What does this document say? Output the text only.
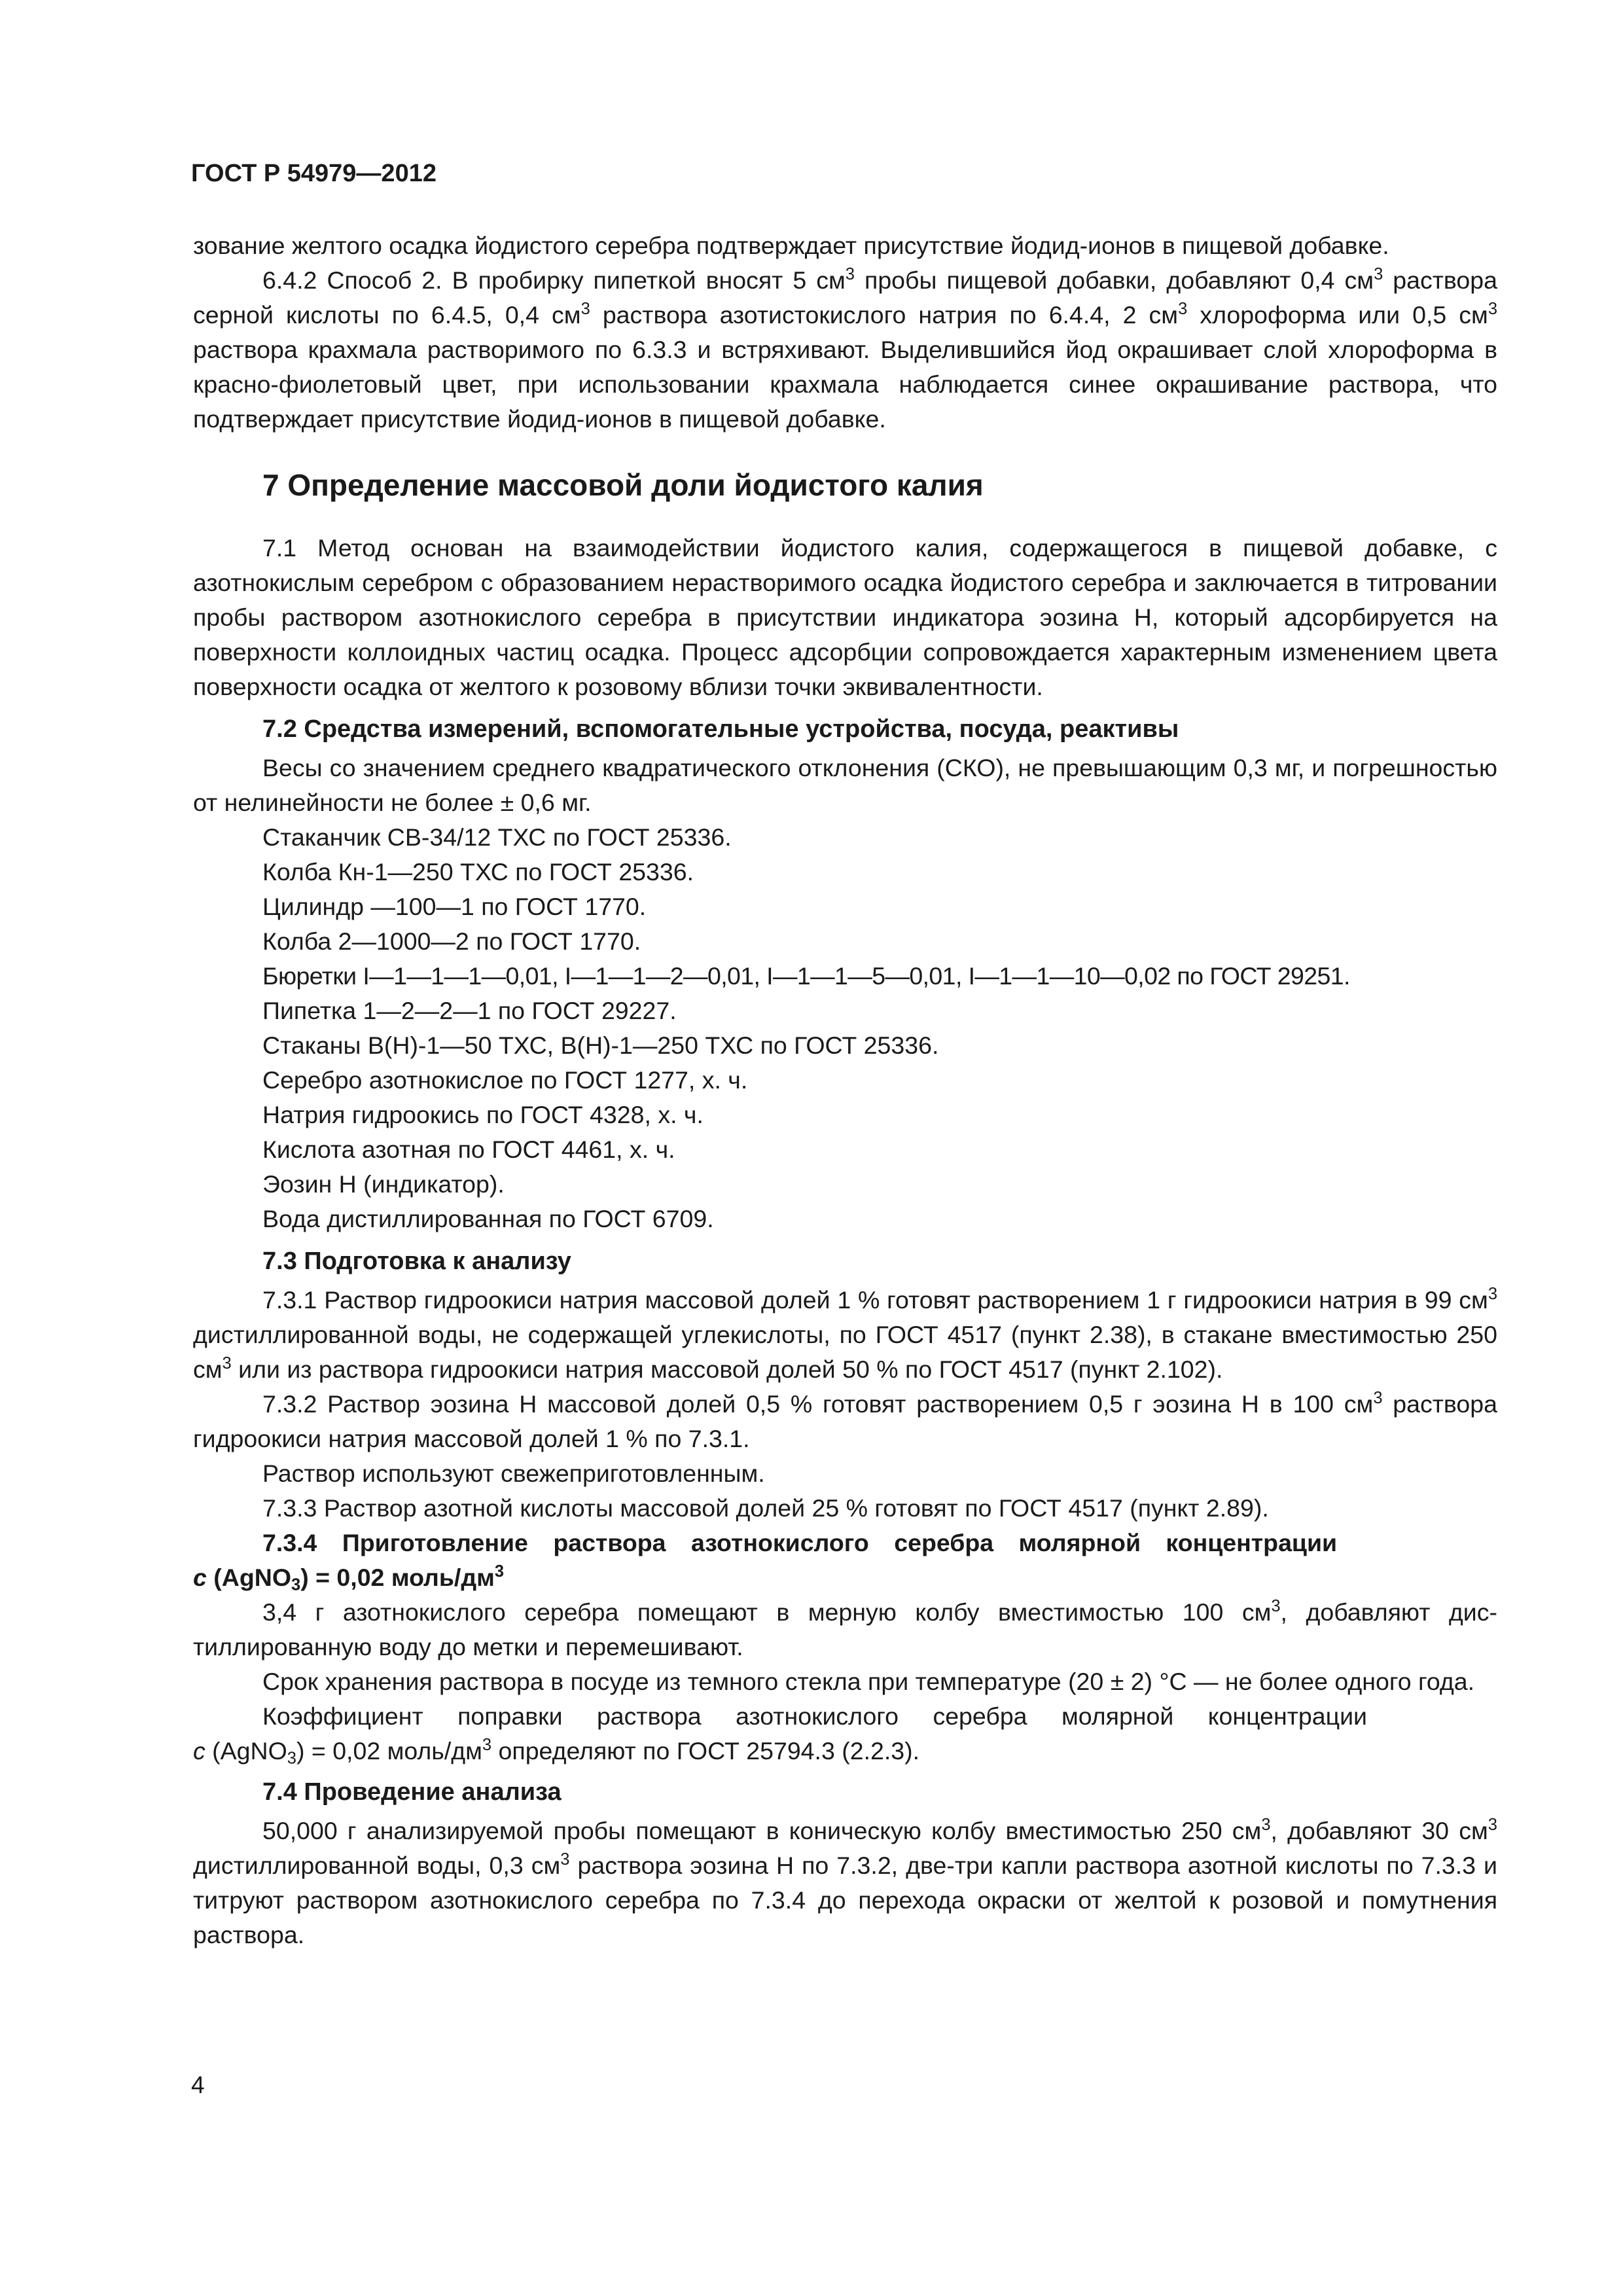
ГОСТ Р 54979—2012

зование желтого осадка йодистого серебра подтверждает присутствие йодид-ионов в пищевой добавке.

6.4.2 Способ 2. В пробирку пипеткой вносят 5 $см^3$ пробы пищевой добавки, добавляют 0,4 $см^3$ раствора серной кислоты по 6.4.5, 0,4 $см^3$ раствора азотистокислого натрия по 6.4.4, 2 $см^3$ хлороформа или 0,5 $см^3$ раствора крахмала растворимого по 6.3.3 и встряхивают. Выделившийся йод окрашивает слой хлороформа в красно-фиолетовый цвет, при использовании крахмала наблюдается синее окрашивание раствора, что подтверждает присутствие йодид-ионов в пищевой добавке.

7 Определение массовой доли йодистого калия

7.1 Метод основан на взаимодействии йодистого калия, содержащегося в пищевой добавке, с азотнокислым серебром с образованием нерастворимого осадка йодистого серебра и заключается в титровании пробы раствором азотнокислого серебра в присутствии индикатора эозина Н, который адсорбируется на поверхности коллоидных частиц осадка. Процесс адсорбции сопровождается характерным изменением цвета поверхности осадка от желтого к розовому вблизи точки эквивалентности.

7.2 Средства измерений, вспомогательные устройства, посуда, реактивы

Весы со значением среднего квадратического отклонения (СКО), не превышающим 0,3 мг, и погрешностью от нелинейности не более ± 0,6 мг.

Стаканчик СВ-34/12 ТХС по ГОСТ 25336.

Колба Кн-1—250 ТХС по ГОСТ 25336.

Цилиндр —100—1 по ГОСТ 1770.

Колба 2—1000—2 по ГОСТ 1770.

Бюретки I—1—1—1—0,01, I—1—1—2—0,01, I—1—1—5—0,01, I—1—1—10—0,02 по ГОСТ 29251.

Пипетка 1—2—2—1 по ГОСТ 29227.

Стаканы В(Н)-1—50 ТХС, В(Н)-1—250 ТХС по ГОСТ 25336.

Серебро азотнокислое по ГОСТ 1277, х. ч.

Натрия гидроокись по ГОСТ 4328, х. ч.

Кислота азотная по ГОСТ 4461, х. ч.

Эозин Н (индикатор).

Вода дистиллированная по ГОСТ 6709.

7.3 Подготовка к анализу

7.3.1 Раствор гидроокиси натрия массовой долей 1 % готовят растворением 1 г гидроокиси натрия в 99 $см^3$ дистиллированной воды, не содержащей углекислоты, по ГОСТ 4517 (пункт 2.38), в стакане вместимостью 250 $см^3$ или из раствора гидроокиси натрия массовой долей 50 % по ГОСТ 4517 (пункт 2.102).

7.3.2 Раствор эозина Н массовой долей 0,5 % готовят растворением 0,5 г эозина Н в 100 $см^3$ раствора гидроокиси натрия массовой долей 1 % по 7.3.1.

Раствор используют свежеприготовленным.

7.3.3 Раствор азотной кислоты массовой долей 25 % готовят по ГОСТ 4517 (пункт 2.89).

7.3.4 Приготовление раствора азотнокислого серебра молярной концентрации
с (AgNO$_3$) = 0,02 моль/$дм^3$

3,4 г азотнокислого серебра помещают в мерную колбу вместимостью 100 $см^3$, добавляют дистиллированную воду до метки и перемешивают.

Срок хранения раствора в посуде из темного стекла при температуре (20 ± 2) °С — не более одного года.

Коэффициент поправки раствора азотнокислого серебра молярной концентрации
с (AgNO$_3$) = 0,02 моль/$дм^3$ определяют по ГОСТ 25794.3 (2.2.3).

7.4 Проведение анализа

50,000 г анализируемой пробы помещают в коническую колбу вместимостью 250 $см^3$, добавляют 30 $см^3$ дистиллированной воды, 0,3 $см^3$ раствора эозина Н по 7.3.2, две-три капли раствора азотной кислоты по 7.3.3 и титруют раствором азотнокислого серебра по 7.3.4 до перехода окраски от желтой к розовой и помутнения раствора.

4
